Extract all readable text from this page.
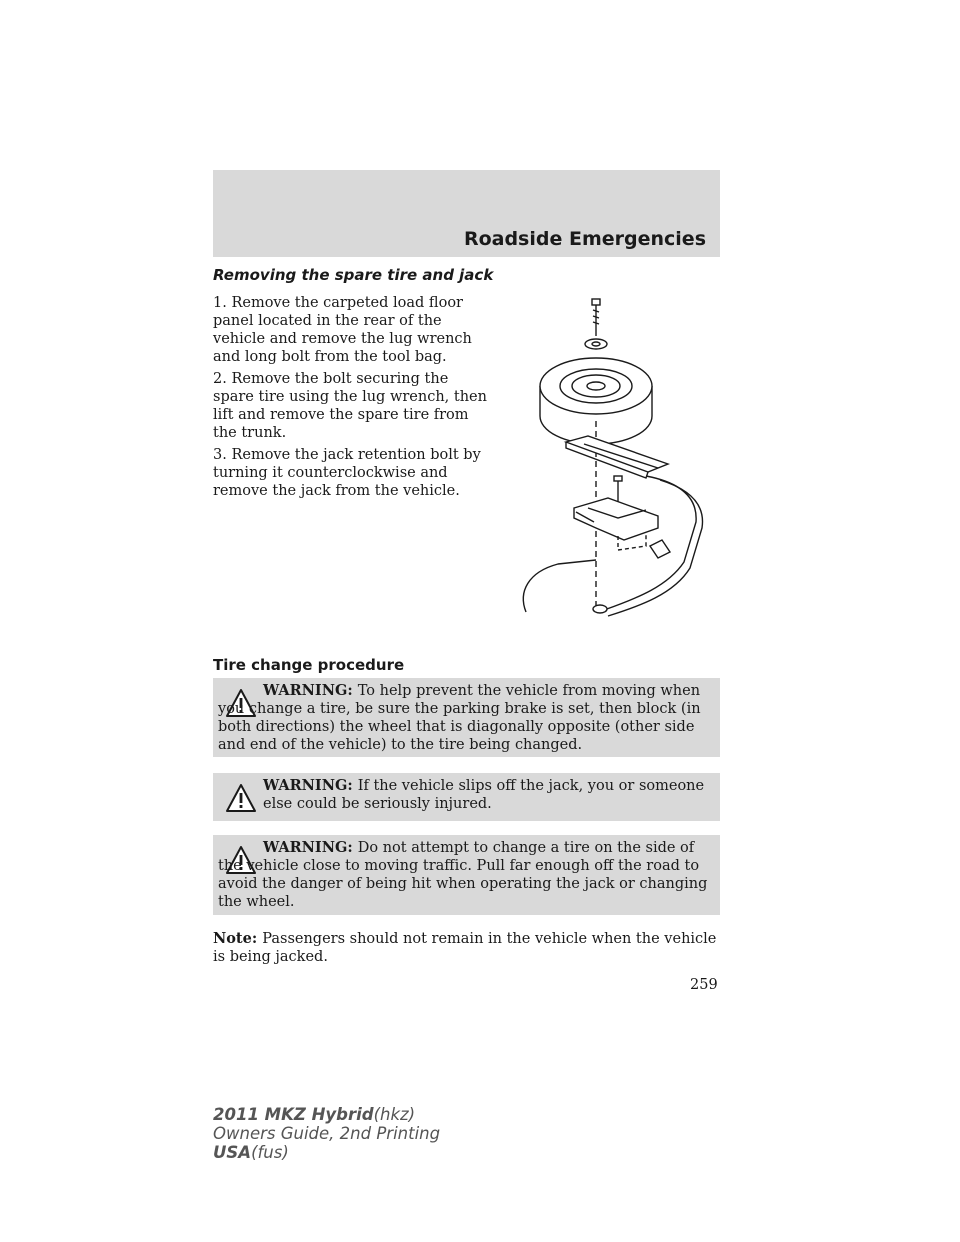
Roadside Emergencies
Removing the spare tire and jack
1. Remove the carpeted load floor panel located in the rear of the vehicle and remove the lug wrench and long bolt from the tool bag.
2. Remove the bolt securing the spare tire using the lug wrench, then lift and remove the spare tire from the trunk.
3. Remove the jack retention bolt by turning it counterclockwise and remove the jack from the vehicle.
Tire change procedure
WARNING: To help prevent the vehicle from moving when you change a tire, be sure the parking brake is set, then block (in both directions) the wheel that is diagonally opposite (other side and end of the vehicle) to the tire being changed.
WARNING: If the vehicle slips off the jack, you or someone else could be seriously injured.
WARNING: Do not attempt to change a tire on the side of the vehicle close to moving traffic. Pull far enough off the road to avoid the danger of being hit when operating the jack or changing the wheel.
Note: Passengers should not remain in the vehicle when the vehicle is being jacked.
259
2011 MKZ Hybrid(hkz)
Owners Guide, 2nd Printing
USA(fus)
